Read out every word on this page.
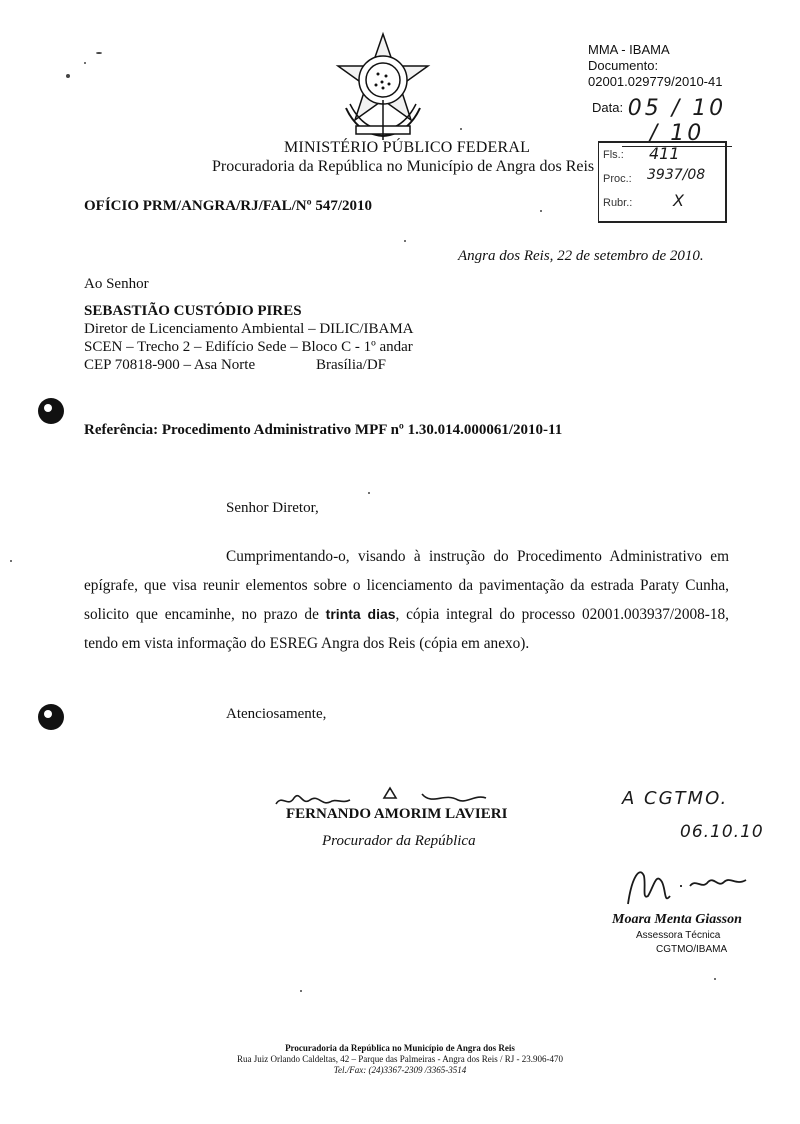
MINISTÉRIO PÚBLICO FEDERAL
Procuradoria da República no Município de Angra dos Reis
MMA - IBAMA
Documento:
02001.029779/2010-41
Data: 05 / 10 / 10
Fls.: 411
Proc.: 3937/08
Rubr.:	X
OFÍCIO PRM/ANGRA/RJ/FAL/Nº 547/2010
Angra dos Reis, 22 de setembro de 2010.
Ao Senhor
SEBASTIÃO CUSTÓDIO PIRES
Diretor de Licenciamento Ambiental – DILIC/IBAMA
SCEN – Trecho 2 – Edifício Sede – Bloco C - 1º andar
CEP 70818-900 – Asa Norte	Brasília/DF
Referência: Procedimento Administrativo MPF nº 1.30.014.000061/2010-11
Senhor Diretor,
Cumprimentando-o, visando à instrução do Procedimento Administrativo em epígrafe, que visa reunir elementos sobre o licenciamento da pavimentação da estrada Paraty Cunha, solicito que encaminhe, no prazo de trinta dias, cópia integral do processo 02001.003937/2008-18, tendo em vista informação do ESREG Angra dos Reis (cópia em anexo).
Atenciosamente,
FERNANDO AMORIM LAVIERI
Procurador da República
A CGTMO.
06.10.10
Moara Menta Giasson
Assessora Técnica
CGTMO/IBAMA
Procuradoria da República no Município de Angra dos Reis
Rua Juiz Orlando Caldeltas, 42 – Parque das Palmeiras - Angra dos Reis / RJ - 23.906-470
Tel./Fax: (24)3367-2309 /3365-3514
